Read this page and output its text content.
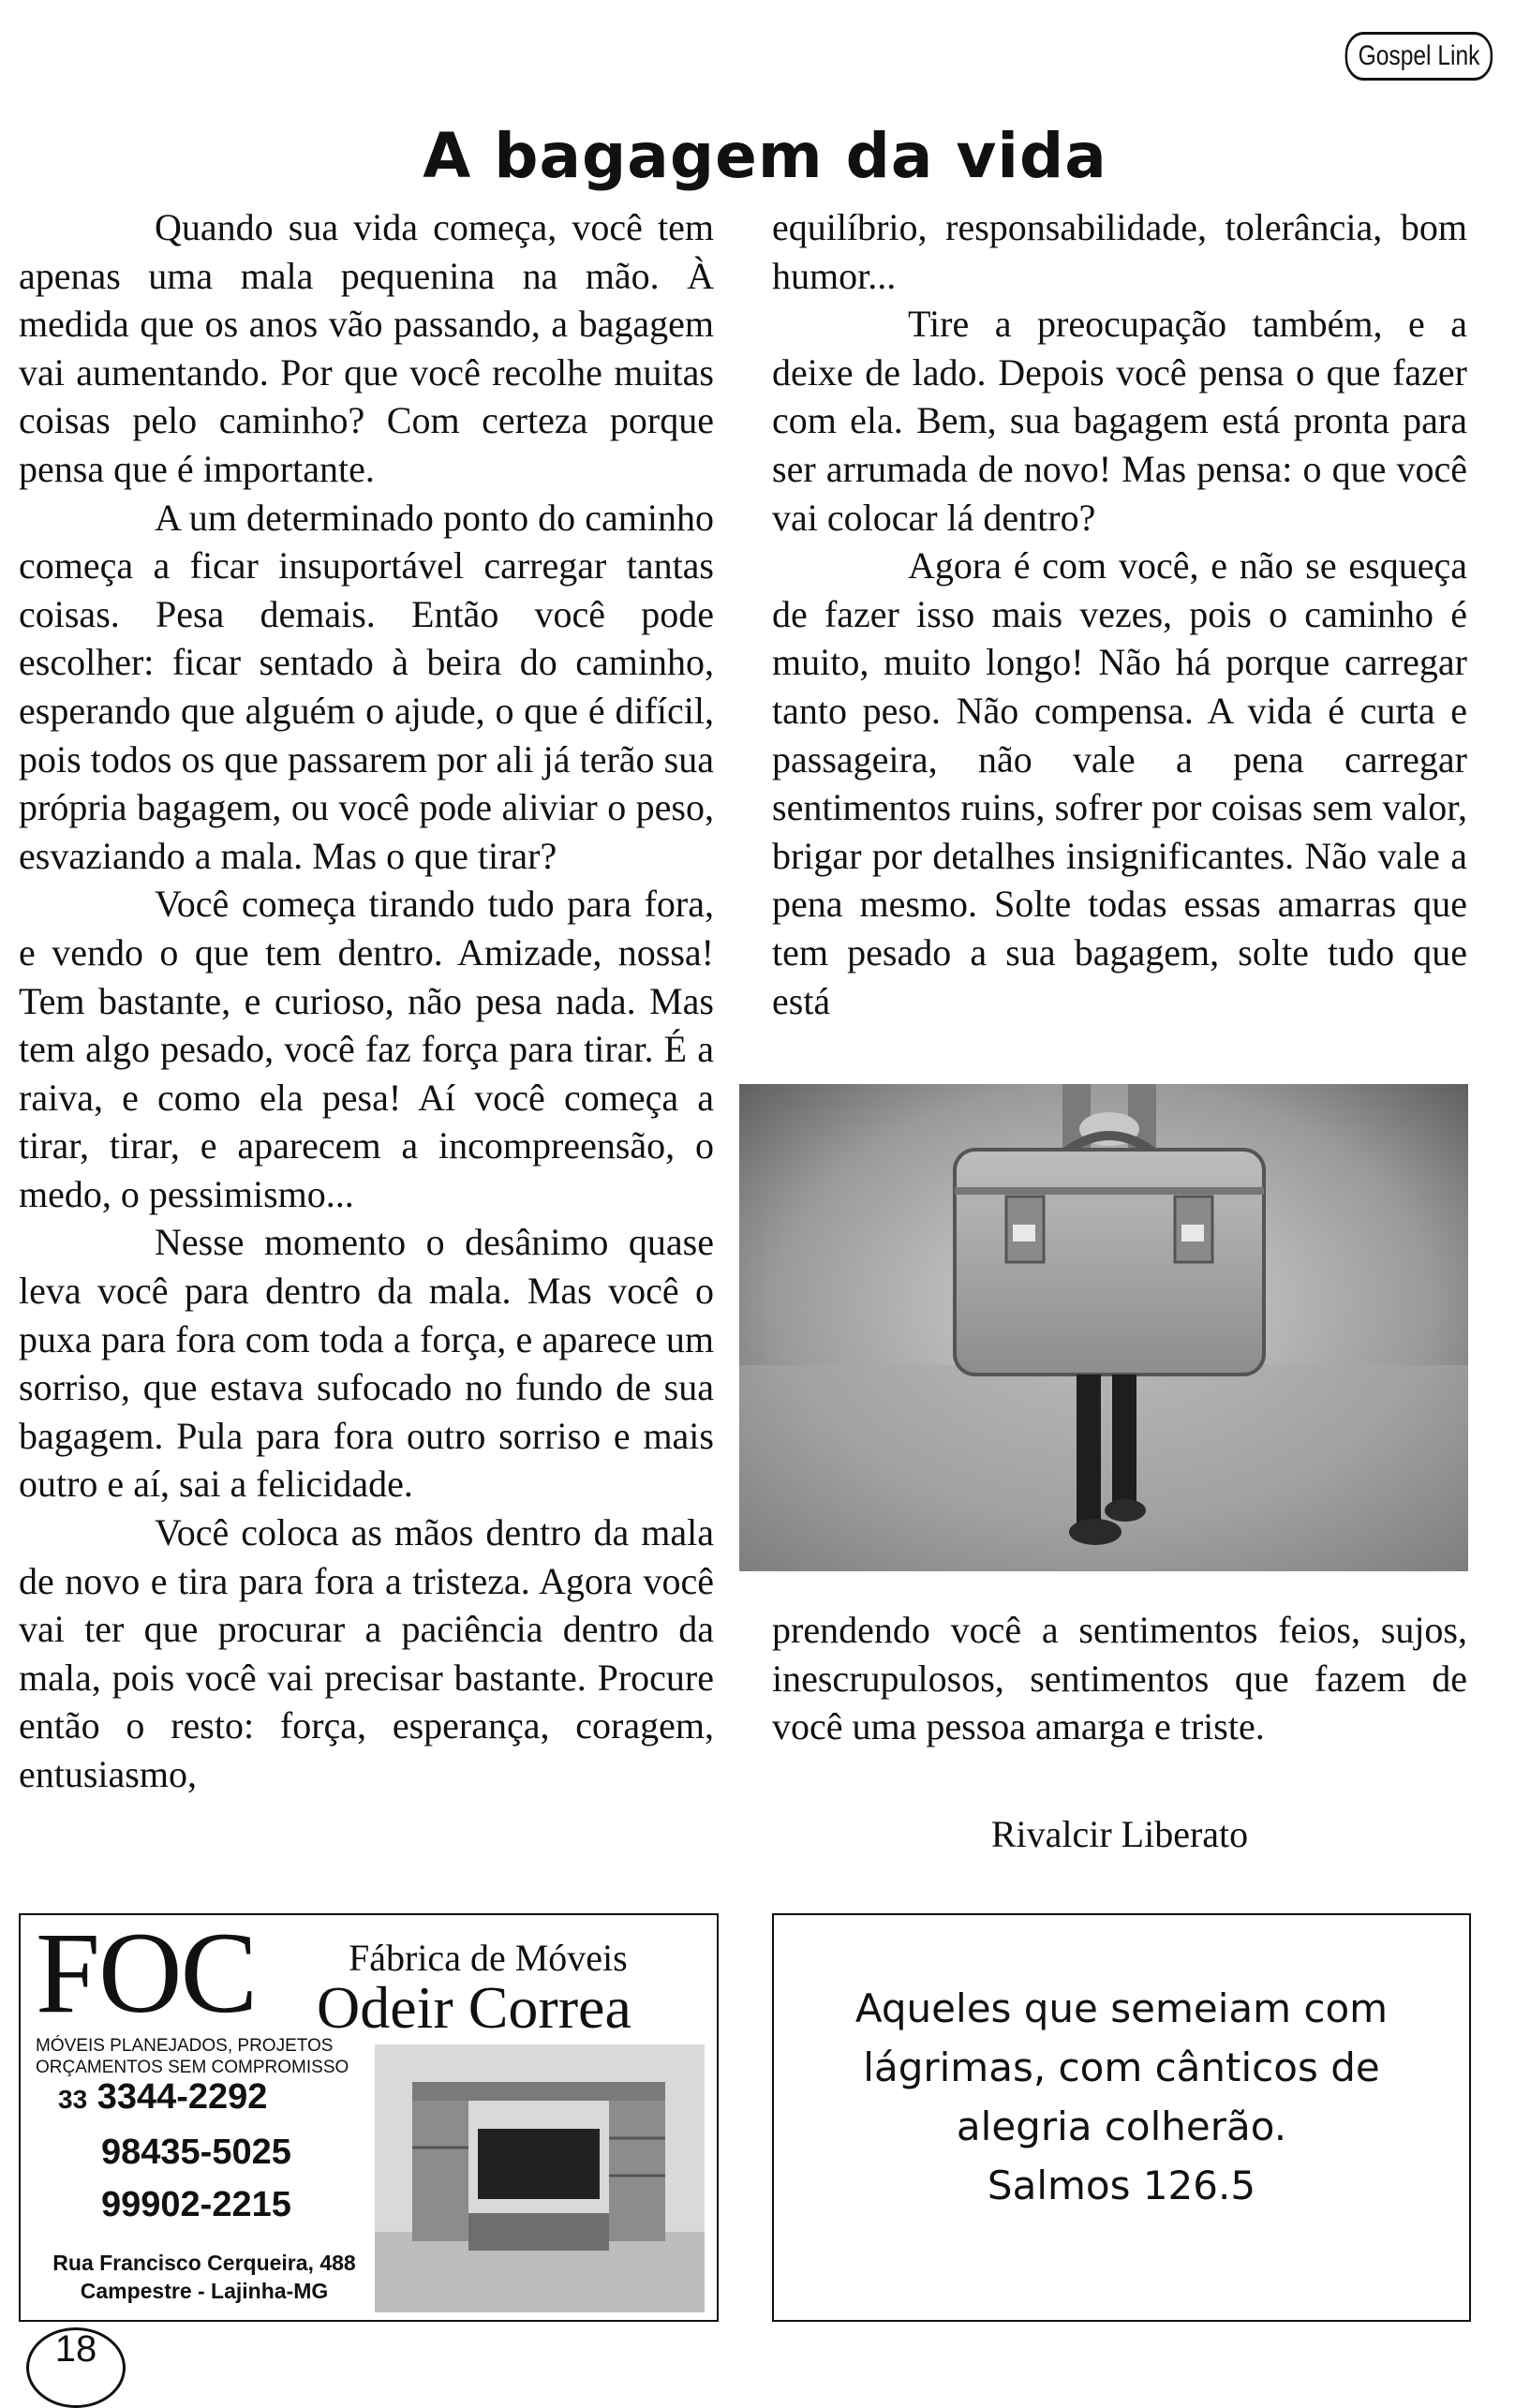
Gospel Link
A bagagem da vida

Quando sua vida começa, você tem apenas uma mala pequenina na mão. À medida que os anos vão passando, a bagagem vai aumentando. Por que você recolhe muitas coisas pelo caminho? Com certeza porque pensa que é importante.

A um determinado ponto do caminho começa a ficar insuportável carregar tantas coisas. Pesa demais. Então você pode escolher: ficar sentado à beira do caminho, esperando que alguém o ajude, o que é difícil, pois todos os que passarem por ali já terão sua própria bagagem, ou você pode aliviar o peso, esvaziando a mala. Mas o que tirar?

Você começa tirando tudo para fora, e vendo o que tem dentro. Amizade, nossa! Tem bastante, e curioso, não pesa nada. Mas tem algo pesado, você faz força para tirar. É a raiva, e como ela pesa! Aí você começa a tirar, tirar, e aparecem a incompreensão, o medo, o pessimismo...

Nesse momento o desânimo quase leva você para dentro da mala. Mas você o puxa para fora com toda a força, e aparece um sorriso, que estava sufocado no fundo de sua bagagem. Pula para fora outro sorriso e mais outro e aí, sai a felicidade.

Você coloca as mãos dentro da mala de novo e tira para fora a tristeza. Agora você vai ter que procurar a paciência dentro da mala, pois você vai precisar bastante. Procure então o resto: força, esperança, coragem, entusiasmo,

equilíbrio, responsabilidade, tolerância, bom humor...

Tire a preocupação também, e a deixe de lado. Depois você pensa o que fazer com ela. Bem, sua bagagem está pronta para ser arrumada de novo! Mas pensa: o que você vai colocar lá dentro?

Agora é com você, e não se esqueça de fazer isso mais vezes, pois o caminho é muito, muito longo! Não há porque carregar tanto peso. Não compensa. A vida é curta e passageira, não vale a pena carregar sentimentos ruins, sofrer por coisas sem valor, brigar por detalhes insignificantes. Não vale a pena mesmo. Solte todas essas amarras que tem pesado a sua bagagem, solte tudo que está

prendendo você a sentimentos feios, sujos, inescrupulosos, sentimentos que fazem de você uma pessoa amarga e triste.

Rivalcir Liberato
FOC Fábrica de Móveis
Odeir Correa
MÓVEIS PLANEJADOS, PROJETOS
ORÇAMENTOS SEM COMPROMISSO
33 3344-2292
98435-5025
99902-2215
Rua Francisco Cerqueira, 488
Campestre - Lajinha-MG
Aqueles que semeiam com
lágrimas, com cânticos de
alegria colherão.
Salmos 126.5
18
